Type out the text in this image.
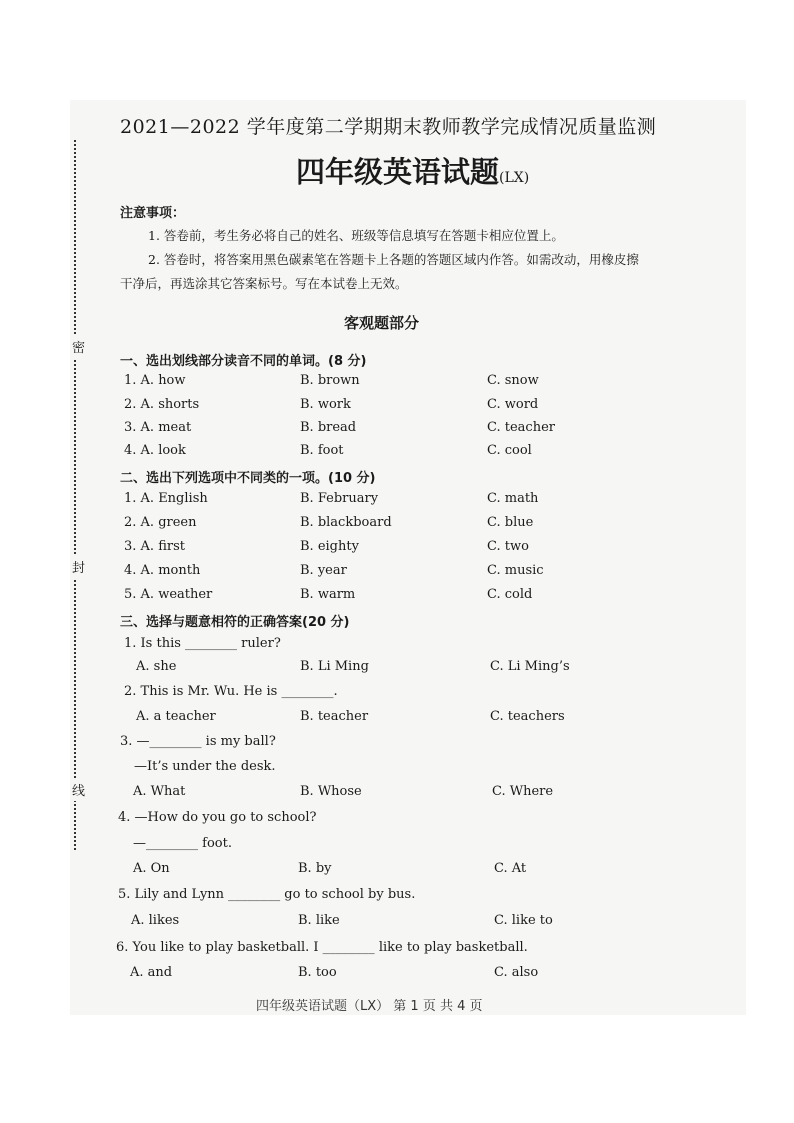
密
封
线
2021—2022 学年度第二学期期末教师教学完成情况质量监测
四年级英语试题(LX)
注意事项：
1. 答卷前，考生务必将自己的姓名、班级等信息填写在答题卡相应位置上。
2. 答卷时，将答案用黑色碳素笔在答题卡上各题的答题区域内作答。如需改动，用橡皮擦
干净后，再选涂其它答案标号。写在本试卷上无效。
客观题部分
一、选出划线部分读音不同的单词。(8 分)
1. A. how	B. brown	C. snow
2. A. shorts	B. work	C. word
3. A. meat	B. bread	C. teacher
4. A. look	B. foot	C. cool
二、选出下列选项中不同类的一项。(10 分)
1. A. English	B. February	C. math
2. A. green	B. blackboard	C. blue
3. A. first	B. eighty	C. two
4. A. month	B. year	C. music
5. A. weather	B. warm	C. cold
三、选择与题意相符的正确答案(20 分)
1. Is this ________ ruler?
A. she	B. Li Ming	C. Li Ming’s
2. This is Mr. Wu. He is ________.
A. a teacher	B. teacher	C. teachers
3. —________ is my ball?
—It’s under the desk.
A. What	B. Whose	C. Where
4. —How do you go to school?
—________ foot.
A. On	B. by	C. At
5. Lily and Lynn ________ go to school by bus.
A. likes	B. like	C. like to
6. You like to play basketball. I ________ like to play basketball.
A. and	B. too	C. also
四年级英语试题（LX） 第 1 页 共 4 页
